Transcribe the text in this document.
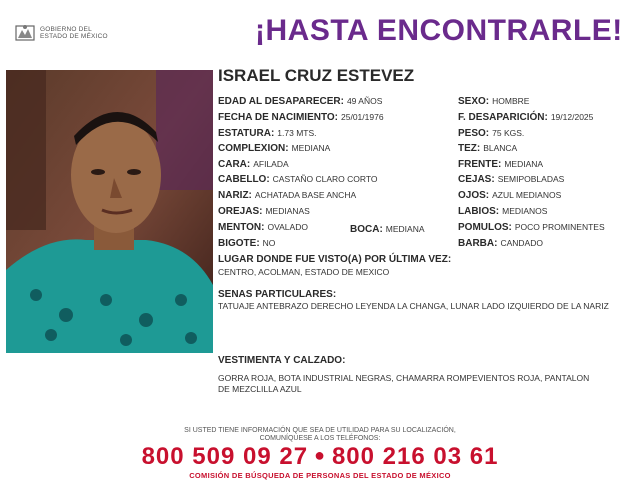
GOBIERNO DEL
ESTADO DE MÉXICO	¡HASTA ENCONTRARLE!
ISRAEL CRUZ ESTEVEZ
EDAD AL DESAPARECER: 49 AÑOS
FECHA DE NACIMIENTO: 25/01/1976
ESTATURA: 1.73 MTS.
COMPLEXION: MEDIANA
CARA: AFILADA
CABELLO: CASTAÑO CLARO CORTO
NARIZ: ACHATADA BASE ANCHA
OREJAS: MEDIANAS
MENTON: OVALADO	BOCA: MEDIANA
BIGOTE: NO
SEXO: HOMBRE
F. DESAPARICIÓN: 19/12/2025
PESO: 75 KGS.
TEZ: BLANCA
FRENTE: MEDIANA
CEJAS: SEMIPOBLADAS
OJOS: AZUL MEDIANOS
LABIOS: MEDIANOS
POMULOS: POCO PROMINENTES
BARBA: CANDADO
LUGAR DONDE FUE VISTO(A) POR ÚLTIMA VEZ:
CENTRO, ACOLMAN, ESTADO DE MEXICO
SENAS PARTICULARES:
TATUAJE ANTEBRAZO DERECHO LEYENDA LA CHANGA, LUNAR LADO IZQUIERDO DE LA NARIZ
VESTIMENTA Y CALZADO:
GORRA ROJA, BOTA INDUSTRIAL NEGRAS, CHAMARRA ROMPEVIENTOS ROJA, PANTALON DE MEZCLILLA AZUL
SI USTED TIENE INFORMACIÓN QUE SEA DE UTILIDAD PARA SU LOCALIZACIÓN,
COMUNÍQUESE A LOS TELÉFONOS:
800 509 09 27 ● 800 216 03 61
COMISIÓN DE BÚSQUEDA DE PERSONAS DEL ESTADO DE MÉXICO
